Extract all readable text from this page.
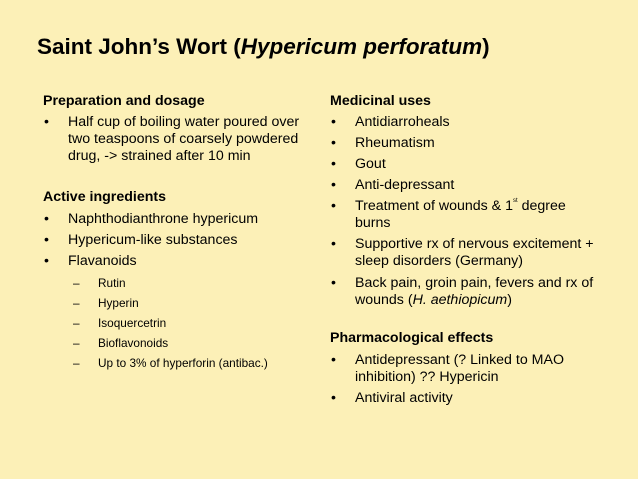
Saint John’s Wort (Hypericum perforatum)

Preparation and dosage

• Half cup of boiling water poured over two teaspoons of coarsely powdered drug, -> strained after 10 min

Active ingredients

• Naphthodianthrone hypericum
• Hypericum-like substances
• Flavanoids
– Rutin
– Hyperin
– Isoquercetrin
– Bioflavonoids
– Up to 3% of hyperforin (antibac.)

Medicinal uses

• Antidiarroheals
• Rheumatism
• Gout
• Anti-depressant
• Treatment of wounds & 1st degree burns
• Supportive rx of nervous excitement + sleep disorders (Germany)
• Back pain, groin pain, fevers and rx of wounds (H. aethiopicum)

Pharmacological effects

• Antidepressant (? Linked to MAO inhibition) ?? Hypericin
• Antiviral activity
